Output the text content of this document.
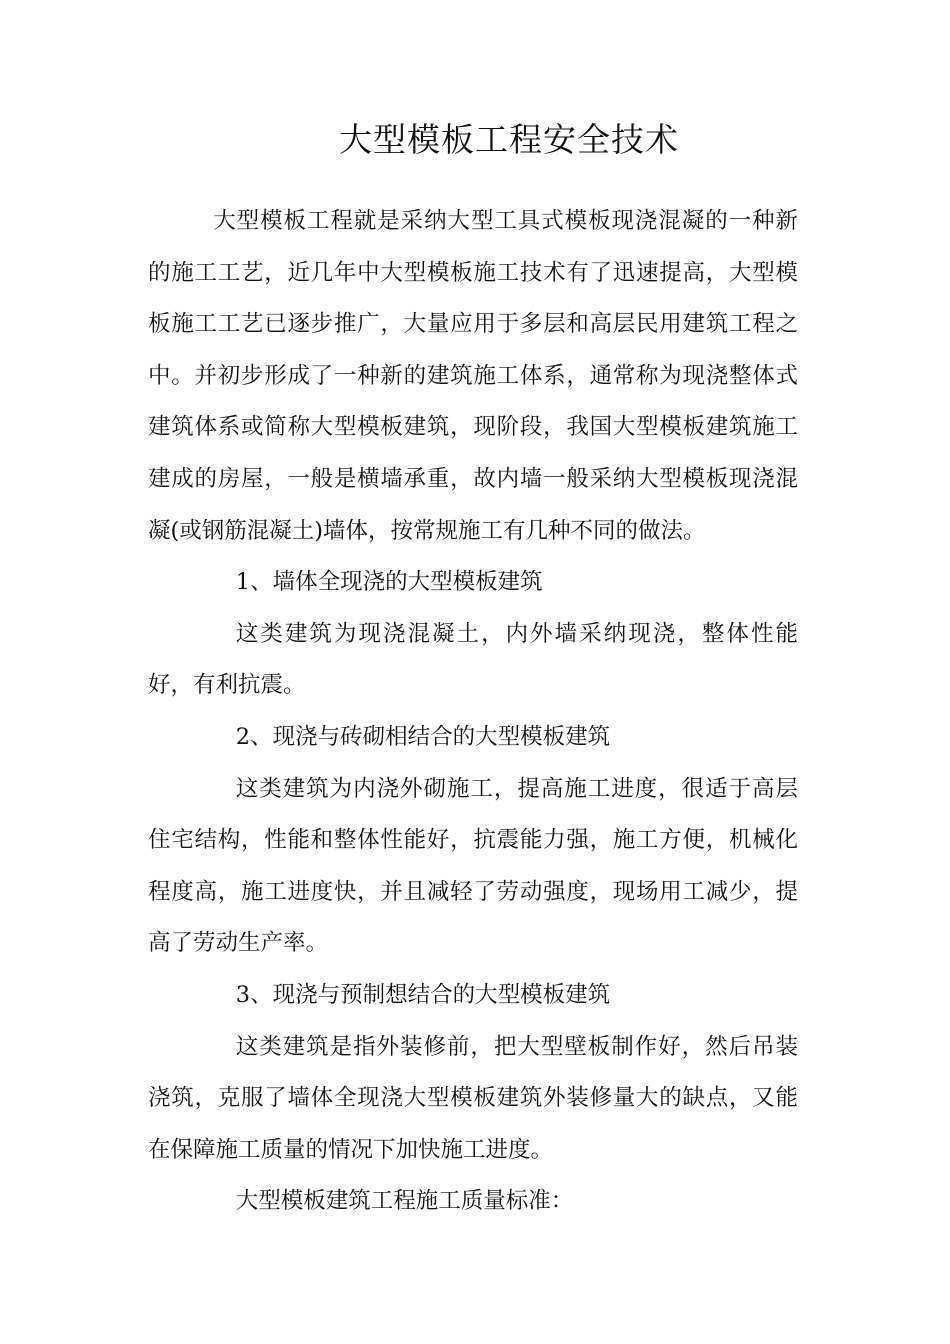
大型模板工程安全技术

大型模板工程就是采纳大型工具式模板现浇混凝的一种新的施工工艺，近几年中大型模板施工技术有了迅速提高，大型模板施工工艺已逐步推广，大量应用于多层和高层民用建筑工程之中。并初步形成了一种新的建筑施工体系，通常称为现浇整体式建筑体系或简称大型模板建筑，现阶段，我国大型模板建筑施工建成的房屋，一般是横墙承重，故内墙一般采纳大型模板现浇混凝(或钢筋混凝土)墙体，按常规施工有几种不同的做法。

1、墙体全现浇的大型模板建筑

这类建筑为现浇混凝土，内外墙采纳现浇，整体性能好，有利抗震。

2、现浇与砖砌相结合的大型模板建筑

这类建筑为内浇外砌施工，提高施工进度，很适于高层住宅结构，性能和整体性能好，抗震能力强，施工方便，机械化程度高，施工进度快，并且减轻了劳动强度，现场用工减少，提高了劳动生产率。

3、现浇与预制想结合的大型模板建筑

这类建筑是指外装修前，把大型壁板制作好，然后吊装浇筑，克服了墙体全现浇大型模板建筑外装修量大的缺点，又能在保障施工质量的情况下加快施工进度。

大型模板建筑工程施工质量标准：
